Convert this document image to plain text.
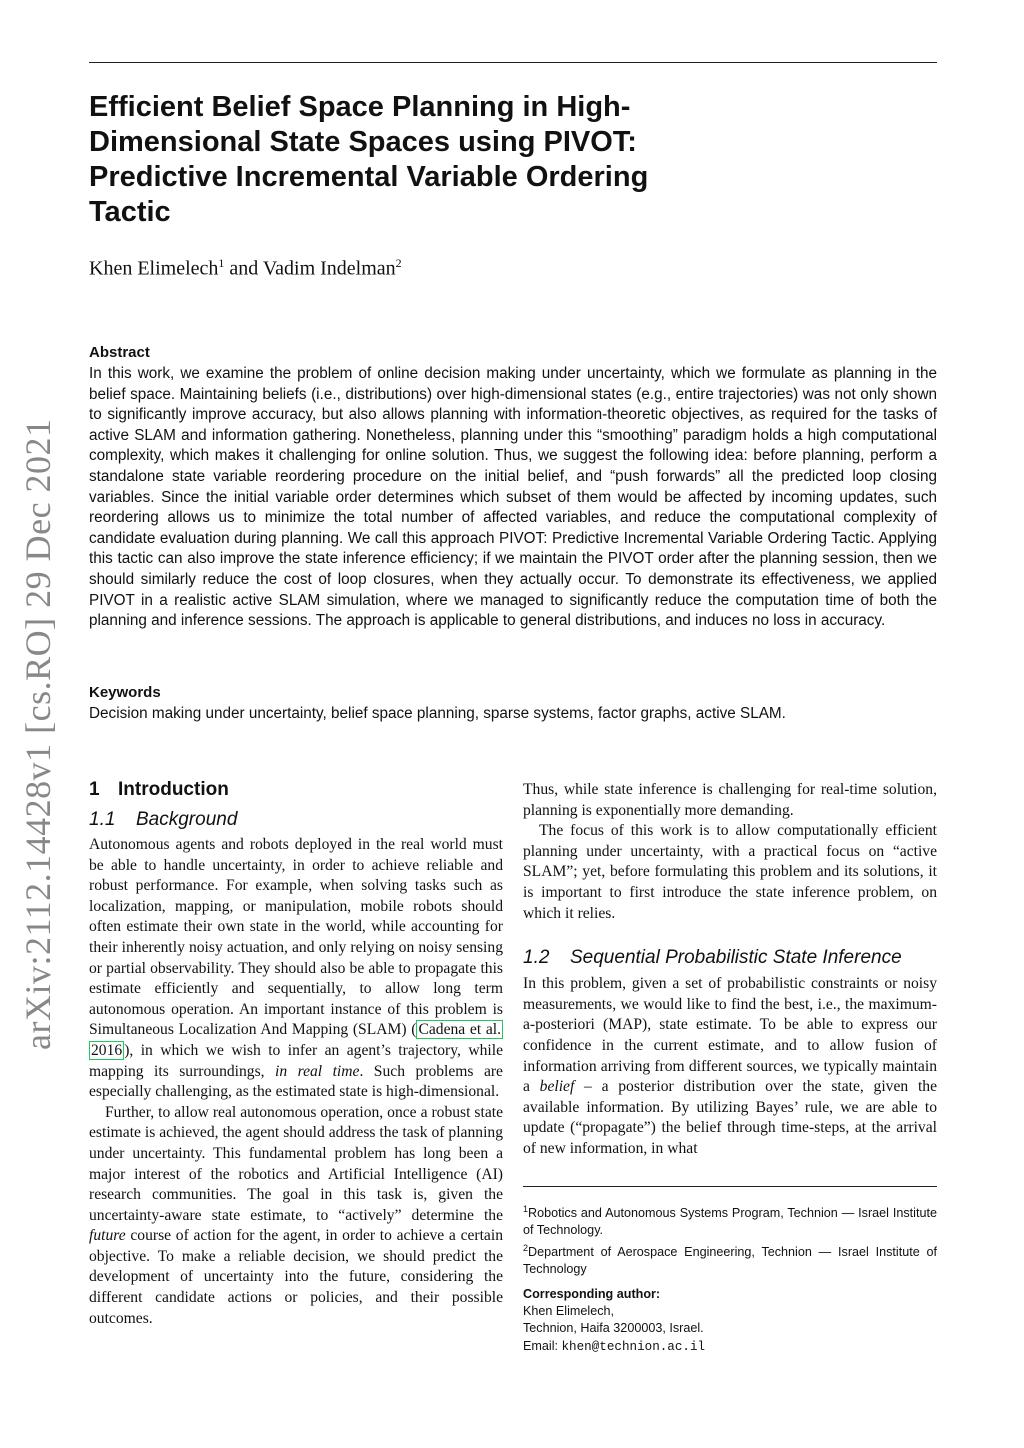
arXiv:2112.14428v1 [cs.RO] 29 Dec 2021
Efficient Belief Space Planning in High-Dimensional State Spaces using PIVOT: Predictive Incremental Variable Ordering Tactic

Khen Elimelech$^1$ and Vadim Indelman$^2$

Abstract

In this work, we examine the problem of online decision making under uncertainty, which we formulate as planning in the belief space. Maintaining beliefs (i.e., distributions) over high-dimensional states (e.g., entire trajectories) was not only shown to significantly improve accuracy, but also allows planning with information-theoretic objectives, as required for the tasks of active SLAM and information gathering. Nonetheless, planning under this “smoothing” paradigm holds a high computational complexity, which makes it challenging for online solution. Thus, we suggest the following idea: before planning, perform a standalone state variable reordering procedure on the initial belief, and “push forwards” all the predicted loop closing variables. Since the initial variable order determines which subset of them would be affected by incoming updates, such reordering allows us to minimize the total number of affected variables, and reduce the computational complexity of candidate evaluation during planning. We call this approach PIVOT: Predictive Incremental Variable Ordering Tactic. Applying this tactic can also improve the state inference efficiency; if we maintain the PIVOT order after the planning session, then we should similarly reduce the cost of loop closures, when they actually occur. To demonstrate its effectiveness, we applied PIVOT in a realistic active SLAM simulation, where we managed to significantly reduce the computation time of both the planning and inference sessions. The approach is applicable to general distributions, and induces no loss in accuracy.

Keywords

Decision making under uncertainty, belief space planning, sparse systems, factor graphs, active SLAM.

1 Introduction
1.1 Background

Autonomous agents and robots deployed in the real world must be able to handle uncertainty, in order to achieve reliable and robust performance. For example, when solving tasks such as localization, mapping, or manipulation, mobile robots should often estimate their own state in the world, while accounting for their inherently noisy actuation, and only relying on noisy sensing or partial observability. They should also be able to propagate this estimate efficiently and sequentially, to allow long term autonomous operation. An important instance of this problem is Simultaneous Localization And Mapping (SLAM) ( Cadena et al. 2016 ), in which we wish to infer an agent’s trajectory, while mapping its surroundings, in real time. Such problems are especially challenging, as the estimated state is high-dimensional.

Further, to allow real autonomous operation, once a robust state estimate is achieved, the agent should address the task of planning under uncertainty. This fundamental problem has long been a major interest of the robotics and Artificial Intelligence (AI) research communities. The goal in this task is, given the uncertainty-aware state estimate, to “actively” determine the future course of action for the agent, in order to achieve a certain objective. To make a reliable decision, we should predict the development of uncertainty into the future, considering the different candidate actions or policies, and their possible outcomes.

Thus, while state inference is challenging for real-time solution, planning is exponentially more demanding.

The focus of this work is to allow computationally efficient planning under uncertainty, with a practical focus on “active SLAM”; yet, before formulating this problem and its solutions, it is important to first introduce the state inference problem, on which it relies.

1.2 Sequential Probabilistic State Inference

In this problem, given a set of probabilistic constraints or noisy measurements, we would like to find the best, i.e., the maximum-a-posteriori (MAP), state estimate. To be able to express our confidence in the current estimate, and to allow fusion of information arriving from different sources, we typically maintain a belief – a posterior distribution over the state, given the available information. By utilizing Bayes’ rule, we are able to update (“propagate”) the belief through time-steps, at the arrival of new information, in what

$^1$Robotics and Autonomous Systems Program, Technion — Israel Institute of Technology.

$^2$Department of Aerospace Engineering, Technion — Israel Institute of Technology

Corresponding author:
Khen Elimelech,
Technion, Haifa 3200003, Israel.
Email: khen@technion.ac.il
